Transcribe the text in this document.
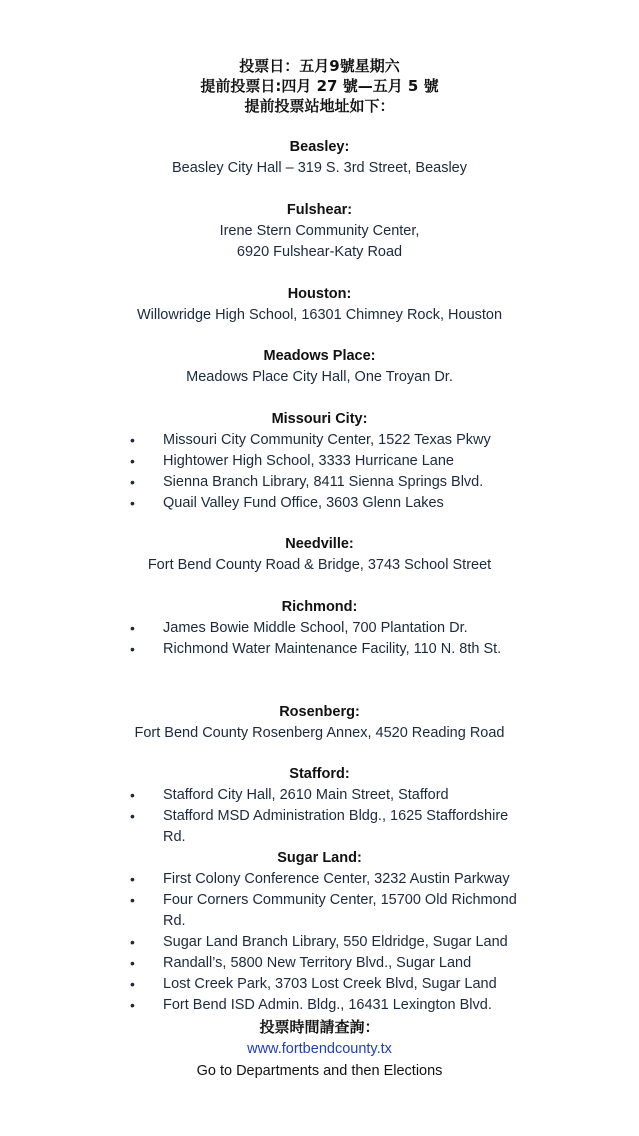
投票日：五月9號星期六
提前投票日:四月 27 號—五月 5 號
提前投票站地址如下：
Beasley:
Beasley City Hall – 319 S. 3rd Street, Beasley
Fulshear:
Irene Stern Community Center,
6920 Fulshear-Katy Road
Houston:
Willowridge High School, 16301 Chimney Rock, Houston
Meadows Place:
Meadows Place City Hall, One Troyan Dr.
Missouri City:
• Missouri City Community Center, 1522 Texas Pkwy
• Hightower High School, 3333 Hurricane Lane
• Sienna Branch Library, 8411 Sienna Springs Blvd.
• Quail Valley Fund Office, 3603 Glenn Lakes
Needville:
Fort Bend County Road & Bridge, 3743 School Street
Richmond:
• James Bowie Middle School, 700 Plantation Dr.
• Richmond Water Maintenance Facility, 110 N. 8th St.
Rosenberg:
Fort Bend County Rosenberg Annex, 4520 Reading Road
Stafford:
• Stafford City Hall, 2610 Main Street, Stafford
• Stafford MSD Administration Bldg., 1625 Staffordshire Rd.
Sugar Land:
• First Colony Conference Center, 3232 Austin Parkway
• Four Corners Community Center, 15700 Old Richmond Rd.
• Sugar Land Branch Library, 550 Eldridge, Sugar Land
• Randall’s, 5800 New Territory Blvd., Sugar Land
• Lost Creek Park, 3703 Lost Creek Blvd, Sugar Land
• Fort Bend ISD Admin. Bldg., 16431 Lexington Blvd.
投票時間請查詢：
www.fortbendcounty.tx
Go to Departments and then Elections
